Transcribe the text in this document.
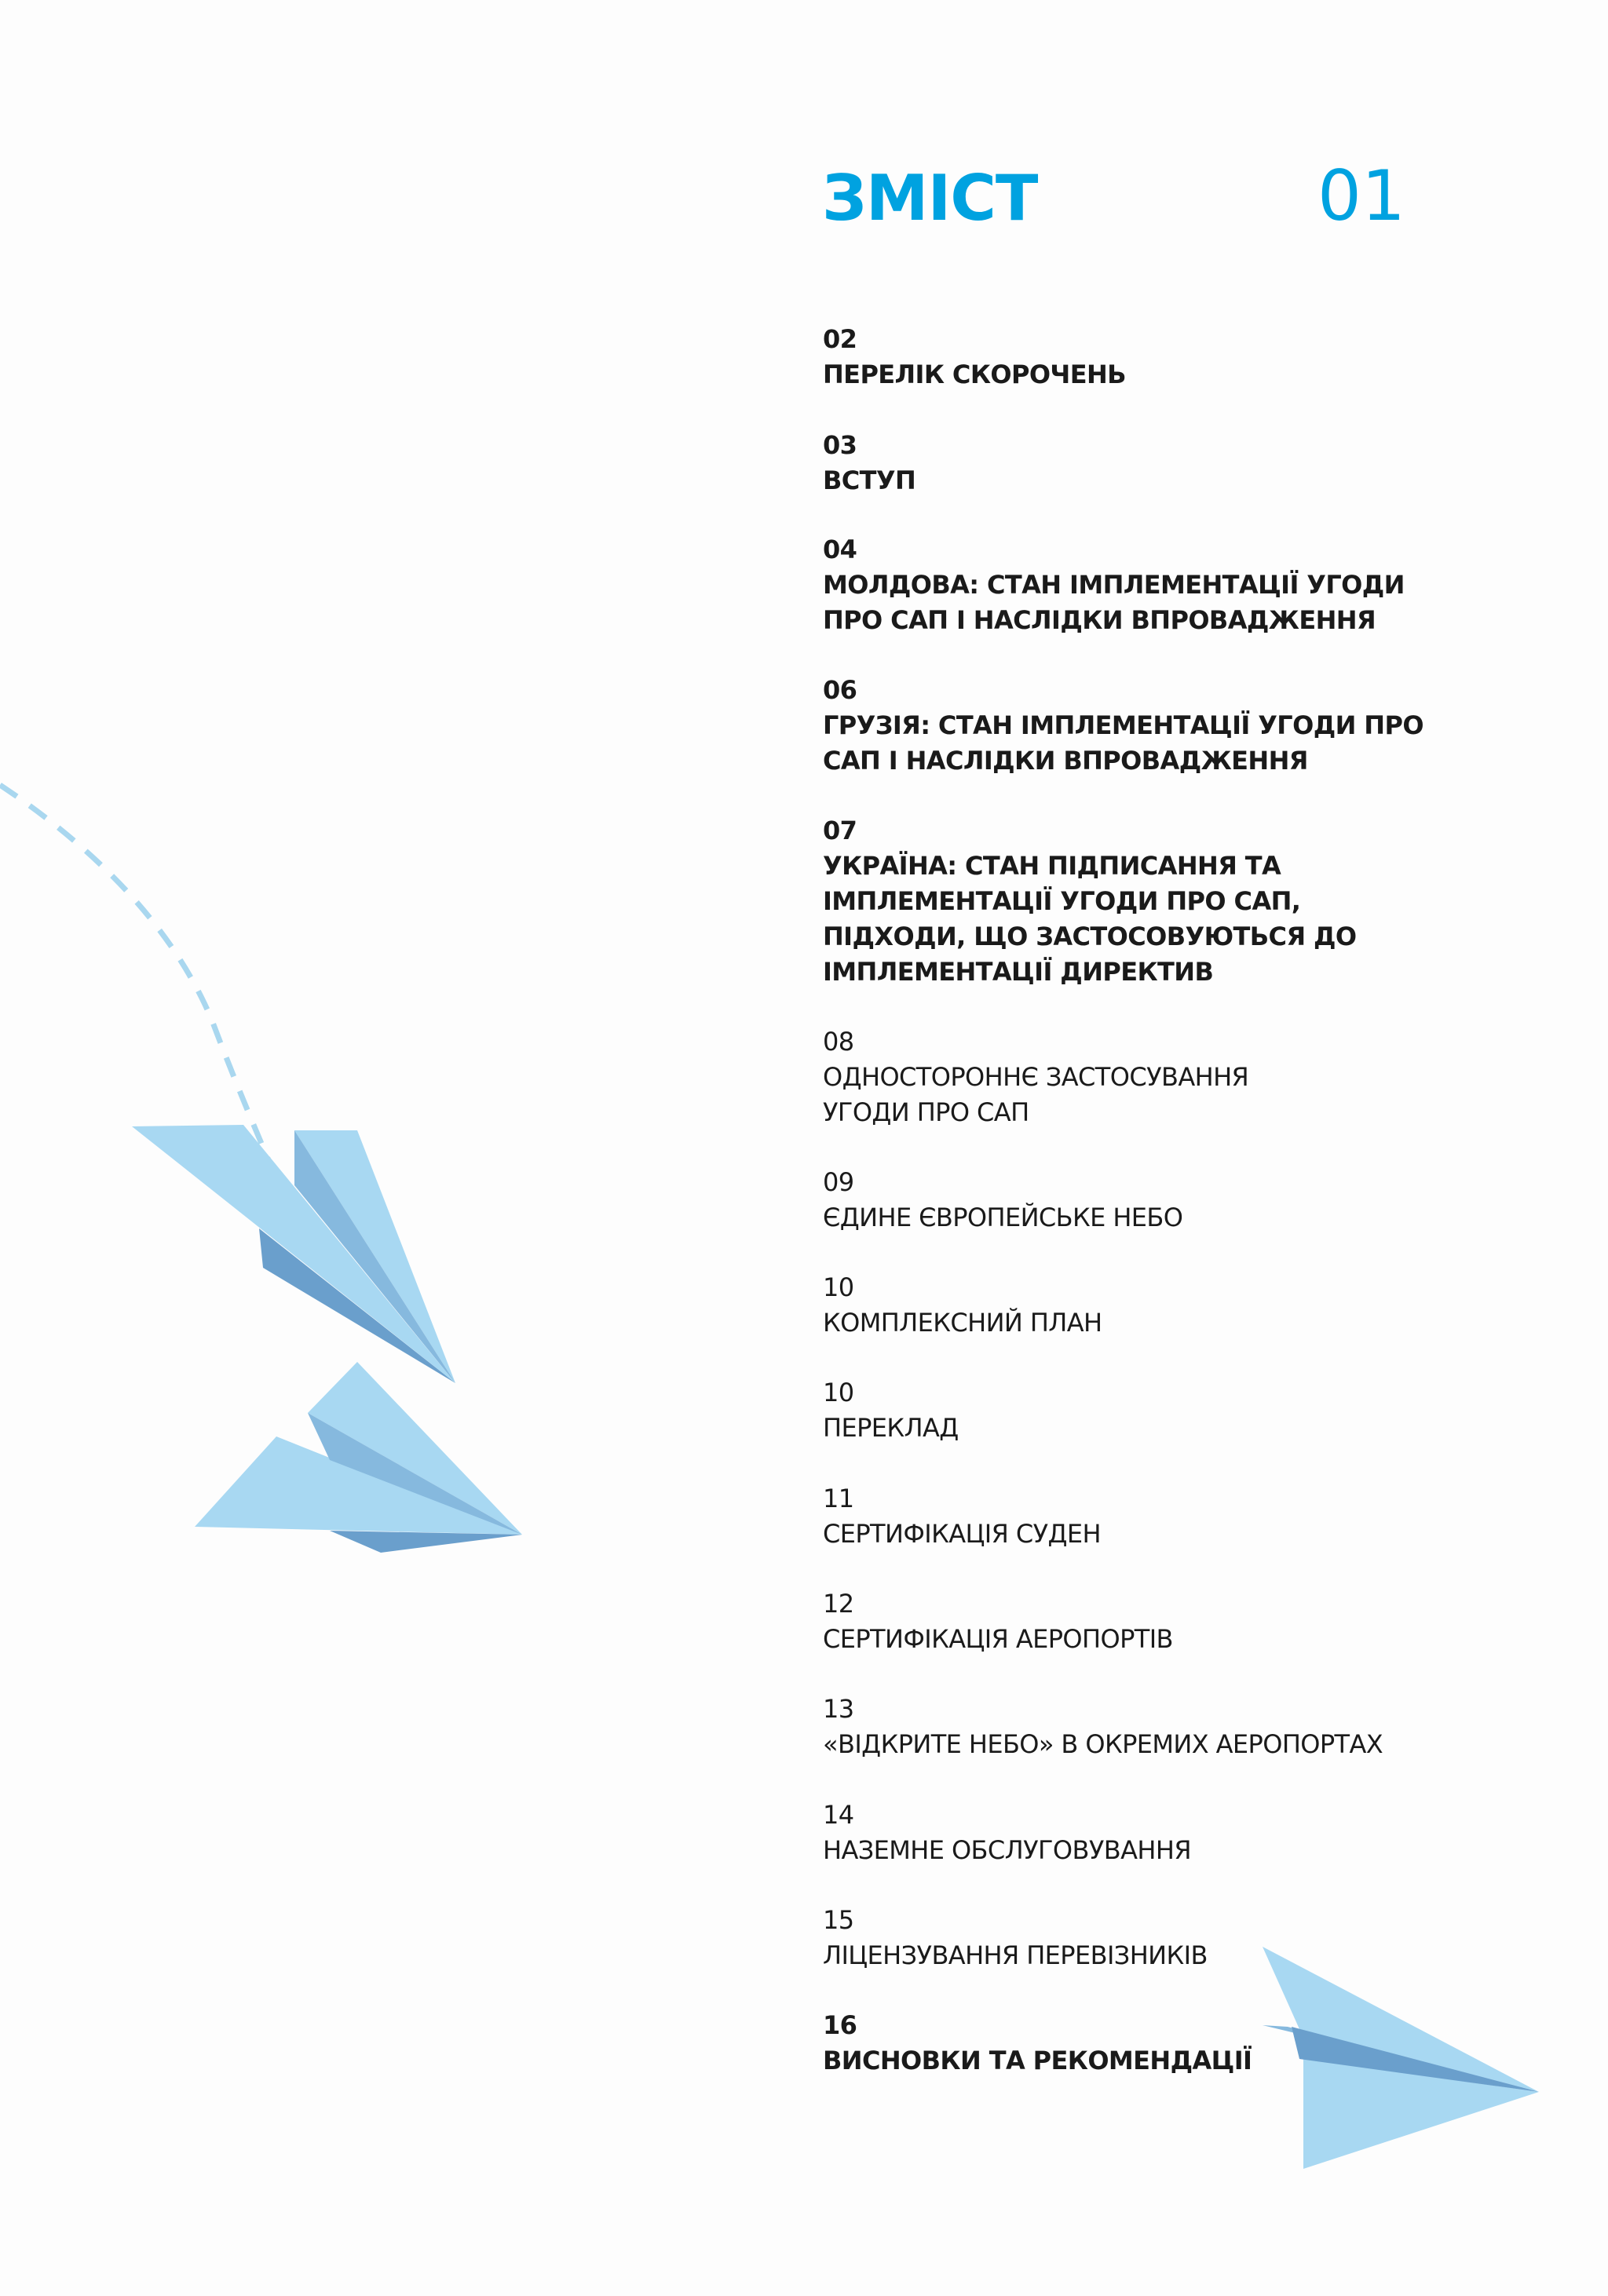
ЗМІСТ	01
02
ПЕРЕЛІК СКОРОЧЕНЬ
03
ВСТУП
04
МОЛДОВА: СТАН ІМПЛЕМЕНТАЦІЇ УГОДИ
ПРО САП І НАСЛІДКИ ВПРОВАДЖЕННЯ
06
ГРУЗІЯ: СТАН ІМПЛЕМЕНТАЦІЇ УГОДИ ПРО
САП І НАСЛІДКИ ВПРОВАДЖЕННЯ
07
УКРАЇНА: СТАН ПІДПИСАННЯ ТА
ІМПЛЕМЕНТАЦІЇ УГОДИ ПРО САП,
ПІДХОДИ, ЩО ЗАСТОСОВУЮТЬСЯ ДО
ІМПЛЕМЕНТАЦІЇ ДИРЕКТИВ
08
ОДНОСТОРОННЄ ЗАСТОСУВАННЯ
УГОДИ ПРО САП
09
ЄДИНЕ ЄВРОПЕЙСЬКЕ НЕБО
10
КОМПЛЕКСНИЙ ПЛАН
10
ПЕРЕКЛАД
11
СЕРТИФІКАЦІЯ СУДЕН
12
СЕРТИФІКАЦІЯ АЕРОПОРТІВ
13
«ВІДКРИТЕ НЕБО» В ОКРЕМИХ АЕРОПОРТАХ
14
НАЗЕМНЕ ОБСЛУГОВУВАННЯ
15
ЛІЦЕНЗУВАННЯ ПЕРЕВІЗНИКІВ
16
ВИСНОВКИ ТА РЕКОМЕНДАЦІЇ
